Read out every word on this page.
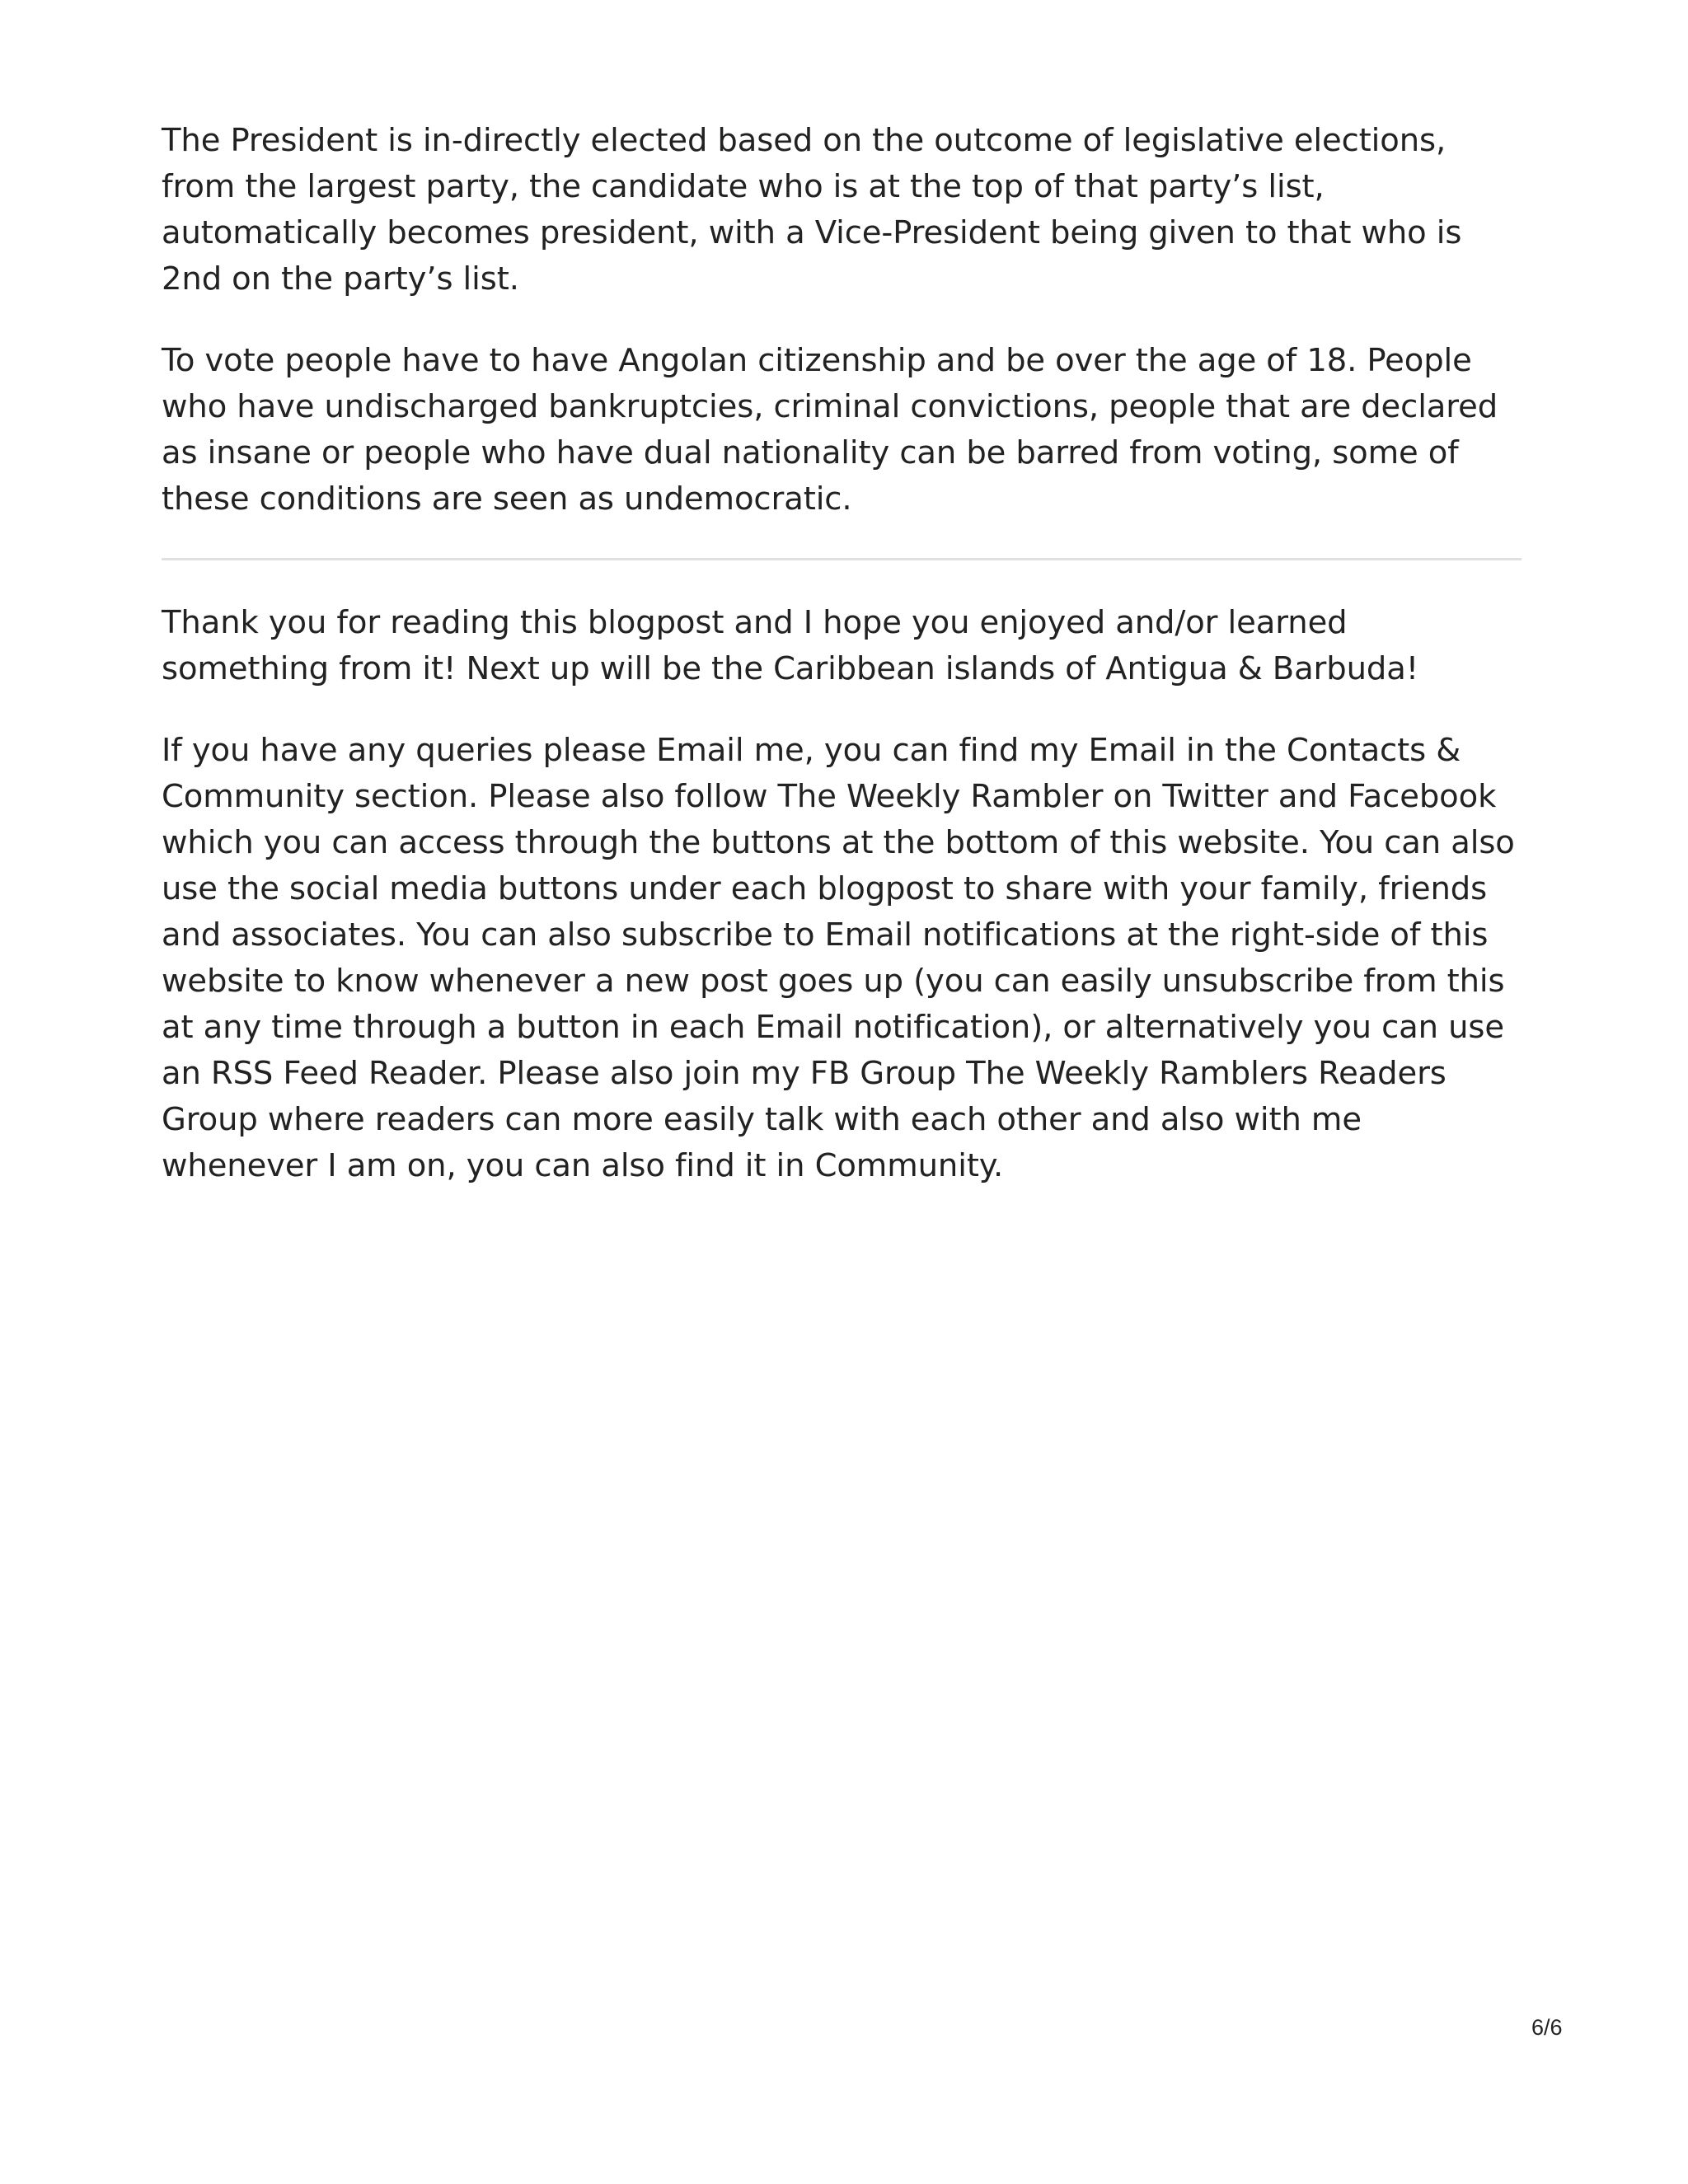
The President is in-directly elected based on the outcome of legislative elections, from the largest party, the candidate who is at the top of that party’s list, automatically becomes president, with a Vice-President being given to that who is 2nd on the party’s list.

To vote people have to have Angolan citizenship and be over the age of 18. People who have undischarged bankruptcies, criminal convictions, people that are declared as insane or people who have dual nationality can be barred from voting, some of these conditions are seen as undemocratic.

Thank you for reading this blogpost and I hope you enjoyed and/or learned something from it! Next up will be the Caribbean islands of Antigua & Barbuda!

If you have any queries please Email me, you can find my Email in the Contacts & Community section. Please also follow The Weekly Rambler on Twitter and Facebook which you can access through the buttons at the bottom of this website. You can also use the social media buttons under each blogpost to share with your family, friends and associates. You can also subscribe to Email notifications at the right-side of this website to know whenever a new post goes up (you can easily unsubscribe from this at any time through a button in each Email notification), or alternatively you can use an RSS Feed Reader. Please also join my FB Group The Weekly Ramblers Readers Group where readers can more easily talk with each other and also with me whenever I am on, you can also find it in Community.

6/6
